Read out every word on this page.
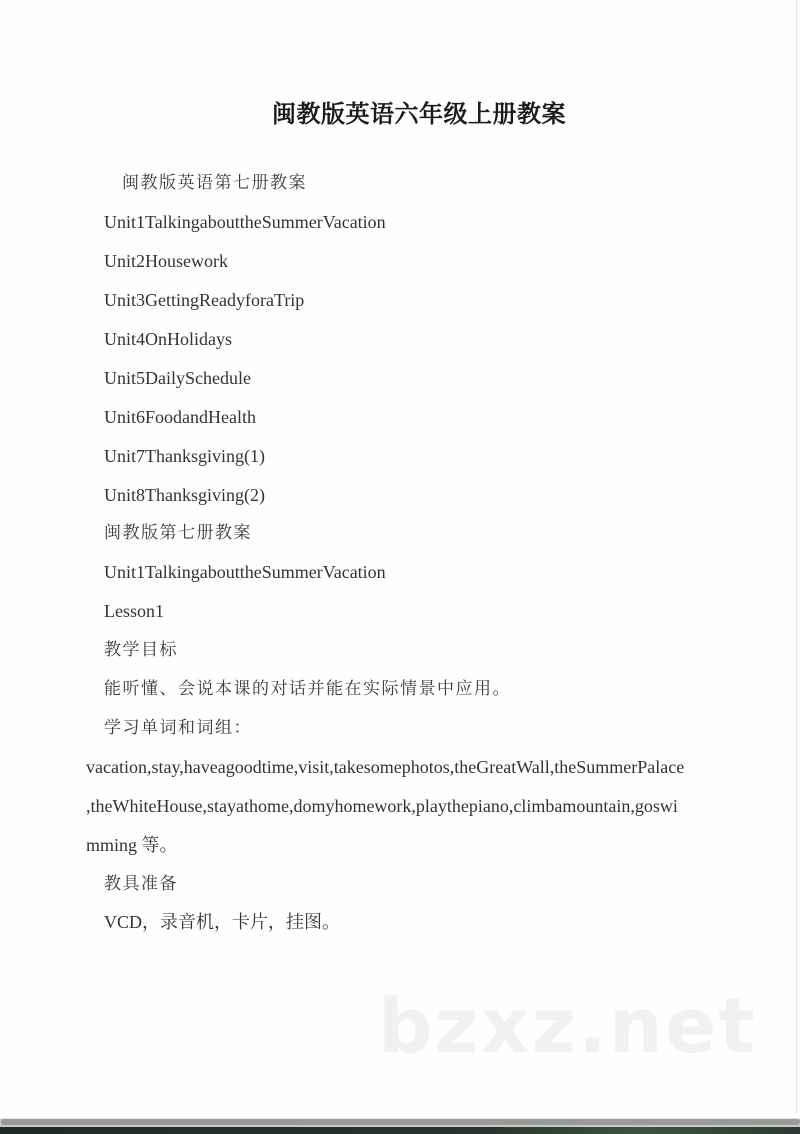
闽教版英语六年级上册教案
闽教版英语第七册教案
Unit1TalkingabouttheSummerVacation
Unit2Housework
Unit3GettingReadyforaTrip
Unit4OnHolidays
Unit5DailySchedule
Unit6FoodandHealth
Unit7Thanksgiving(1)
Unit8Thanksgiving(2)
闽教版第七册教案
Unit1TalkingabouttheSummerVacation
Lesson1
教学目标
能听懂、会说本课的对话并能在实际情景中应用。
学习单词和词组：
vacation,stay,haveagoodtime,visit,takesomephotos,theGreatWall,theSummerPalace
,theWhiteHouse,stayathome,domyhomework,playthepiano,climbamountain,goswi
mming 等。
教具准备
VCD，录音机，卡片，挂图。
bzxz.net
